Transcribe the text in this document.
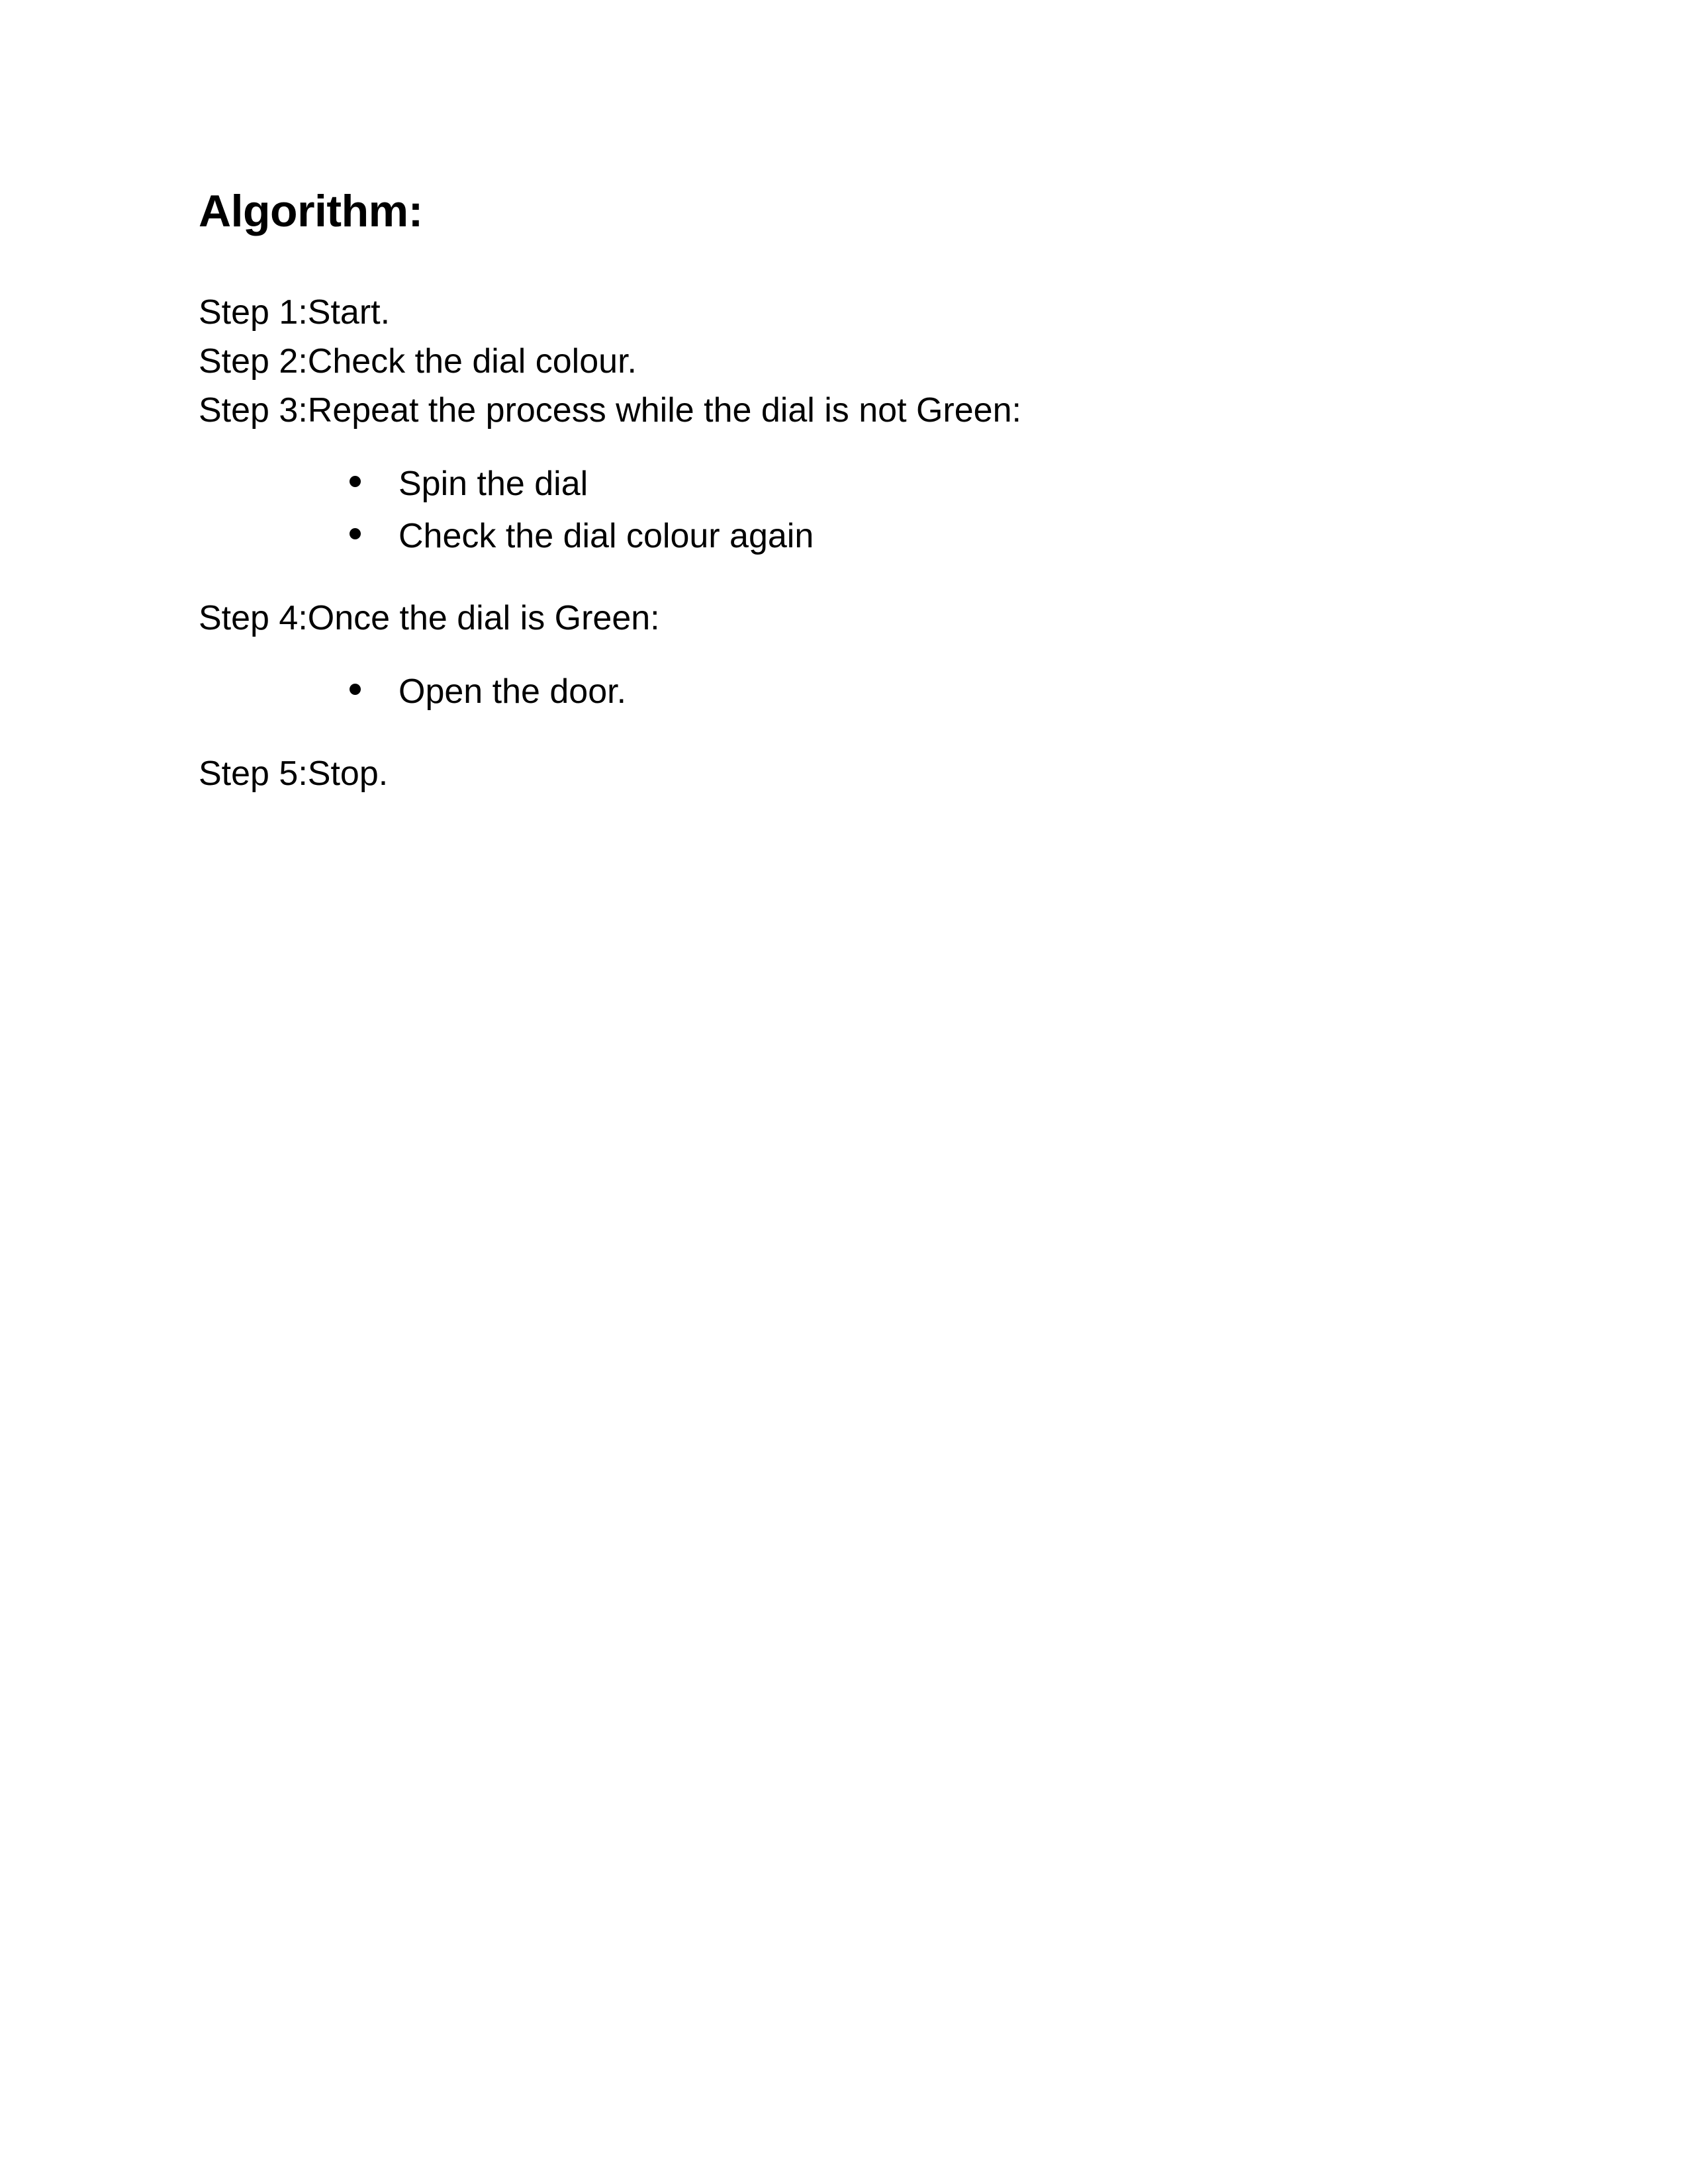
Algorithm:

Step 1:Start.

Step 2:Check the dial colour.

Step 3:Repeat the process while the dial is not Green:

Spin the dial
Check the dial colour again

Step 4:Once the dial is Green:

Open the door.

Step 5:Stop.
